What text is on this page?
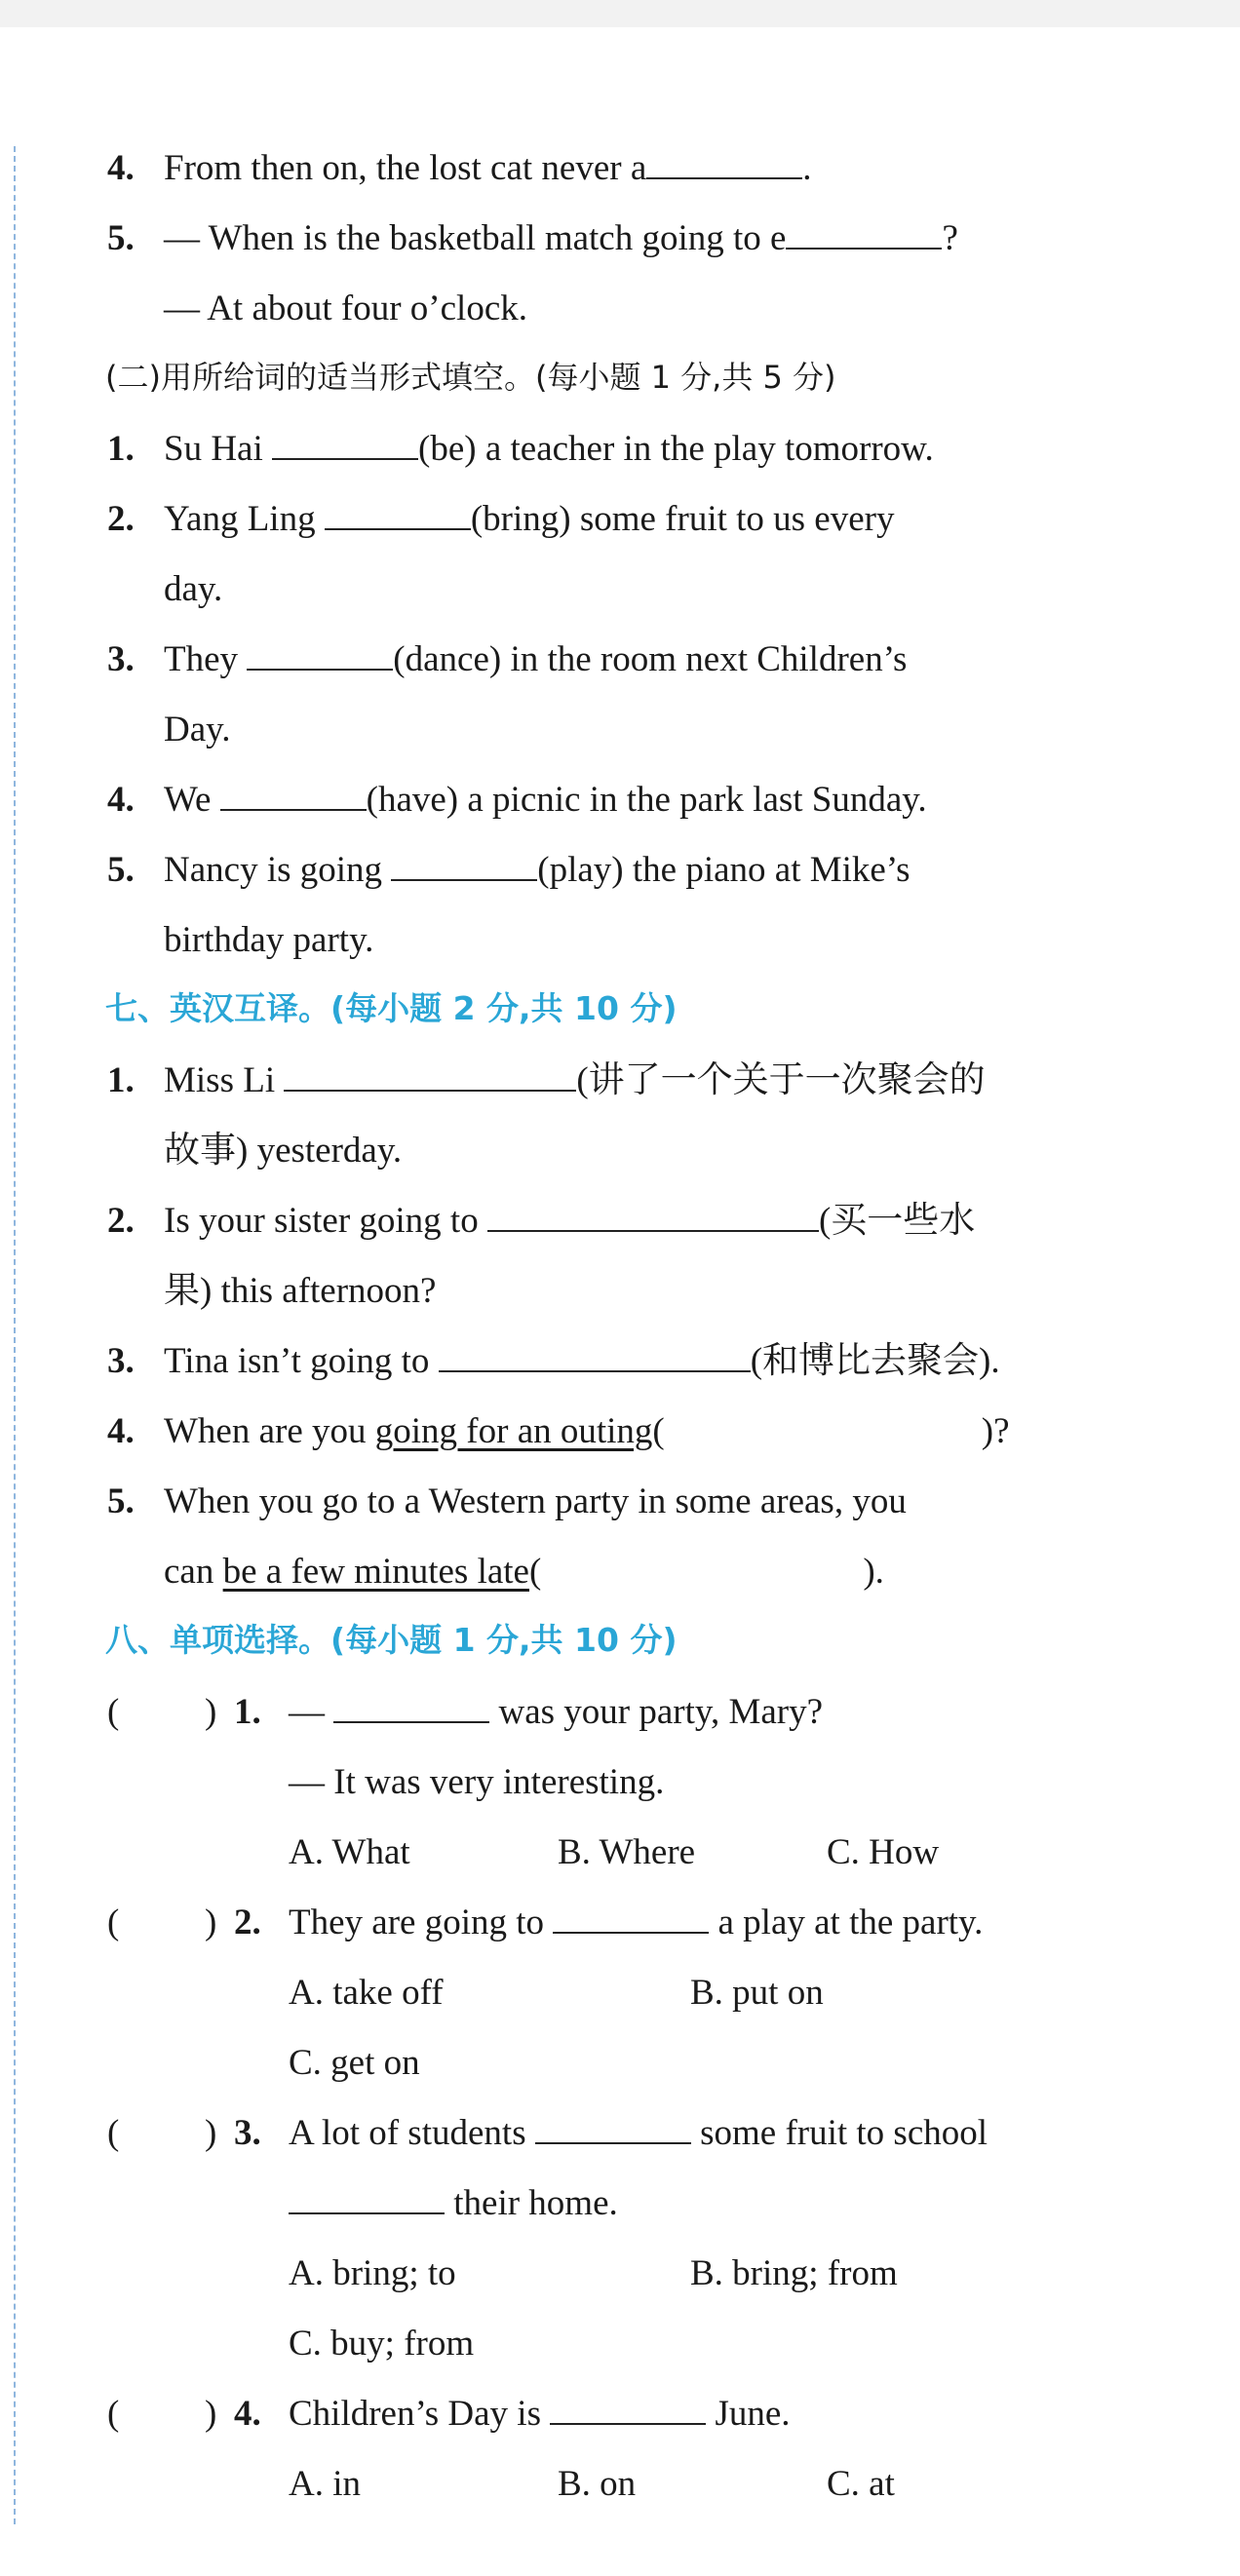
4. From then on, the lost cat never a	.
5. — When is the basketball match going to e	?
— At about four o’clock.
(二)用所给词的适当形式填空。(每小题 1 分,共 5 分)
1. Su Hai	(be) a teacher in the play tomorrow.
2. Yang Ling	(bring) some fruit to us every
day.
3. They	(dance) in the room next Children’s
Day.
4. We	(have) a picnic in the park last Sunday.
5. Nancy is going	(play) the piano at Mike’s
birthday party.
七、英汉互译。(每小题 2 分,共 10 分)
1. Miss Li	(讲了一个关于一次聚会的
故事) yesterday.
2. Is your sister going to	(买一些水
果) this afternoon?
3. Tina isn’t going to	(和博比去聚会).
4. When are you going for an outing(	)?
5. When you go to a Western party in some areas, you
can be a few minutes late(	).
八、单项选择。(每小题 1 分,共 10 分)
( ) 1. —	was your party, Mary?
— It was very interesting.
A. What	B. Where	C. How
( ) 2. They are going to	a play at the party.
A. take off	B. put on
C. get on
( ) 3. A lot of students	some fruit to school
their home.
A. bring; to	B. bring; from
C. buy; from
( ) 4. Children’s Day is	June.
A. in	B. on	C. at
